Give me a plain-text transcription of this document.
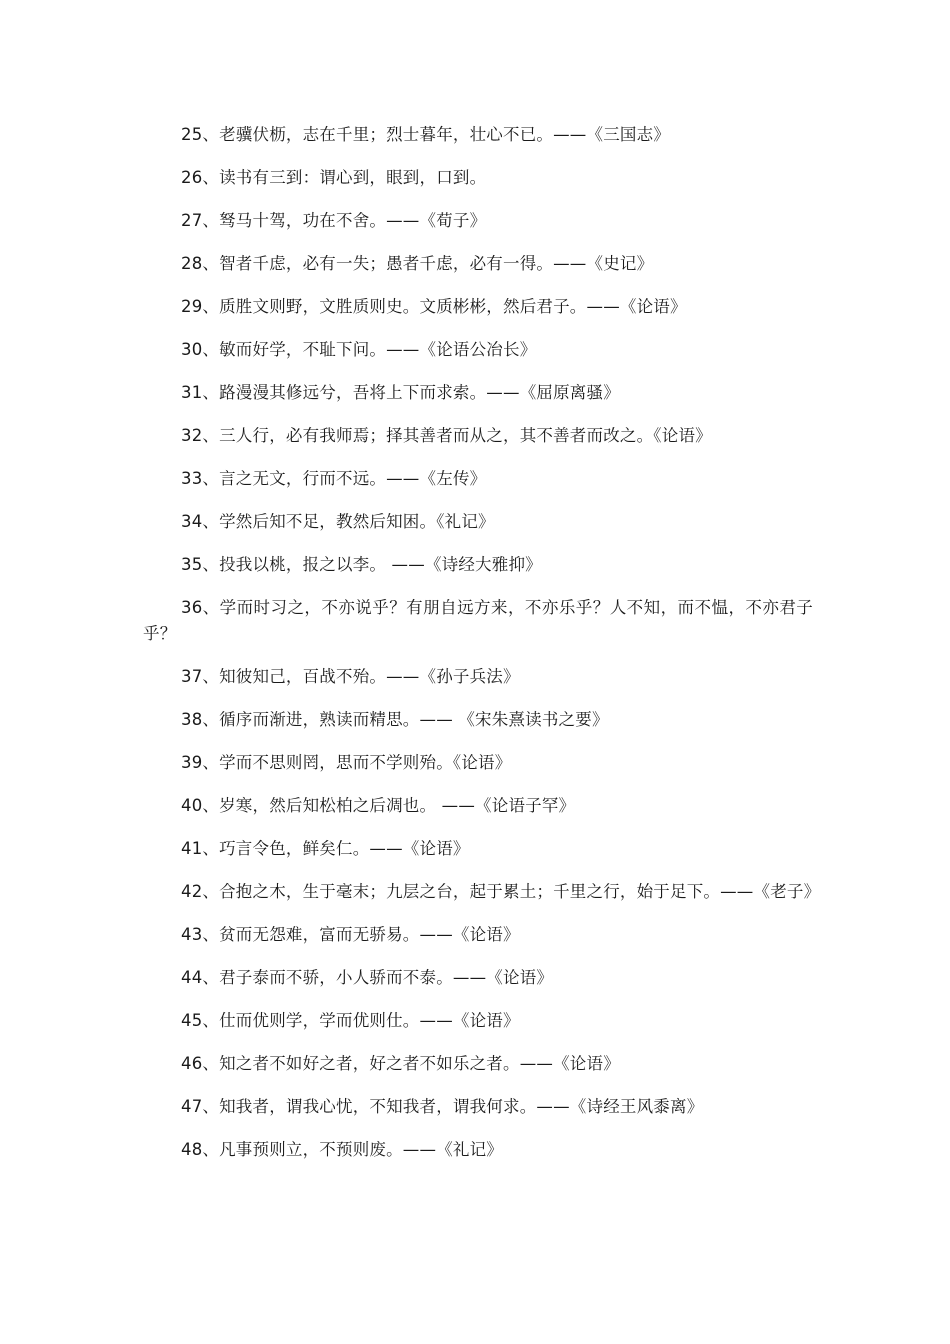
25、老骥伏枥，志在千里；烈士暮年，壮心不已。——《三国志》

26、读书有三到：谓心到，眼到，口到。

27、驽马十驾，功在不舍。——《荀子》

28、智者千虑，必有一失；愚者千虑，必有一得。——《史记》

29、质胜文则野，文胜质则史。文质彬彬，然后君子。——《论语》

30、敏而好学，不耻下问。——《论语公冶长》

31、路漫漫其修远兮，吾将上下而求索。——《屈原离骚》

32、三人行，必有我师焉；择其善者而从之，其不善者而改之。《论语》

33、言之无文，行而不远。——《左传》

34、学然后知不足，教然后知困。《礼记》

35、投我以桃，报之以李。 ——《诗经大雅抑》

36、学而时习之，不亦说乎？有朋自远方来，不亦乐乎？人不知，而不愠，不亦君子乎？

37、知彼知己，百战不殆。——《孙子兵法》

38、循序而渐进，熟读而精思。—— 《宋朱熹读书之要》

39、学而不思则罔，思而不学则殆。《论语》

40、岁寒，然后知松柏之后凋也。 ——《论语子罕》

41、巧言令色，鲜矣仁。——《论语》

42、合抱之木，生于毫末；九层之台，起于累土；千里之行，始于足下。——《老子》

43、贫而无怨难，富而无骄易。——《论语》

44、君子泰而不骄，小人骄而不泰。——《论语》

45、仕而优则学，学而优则仕。——《论语》

46、知之者不如好之者，好之者不如乐之者。——《论语》

47、知我者，谓我心忧，不知我者，谓我何求。——《诗经王风黍离》

48、凡事预则立，不预则废。——《礼记》
